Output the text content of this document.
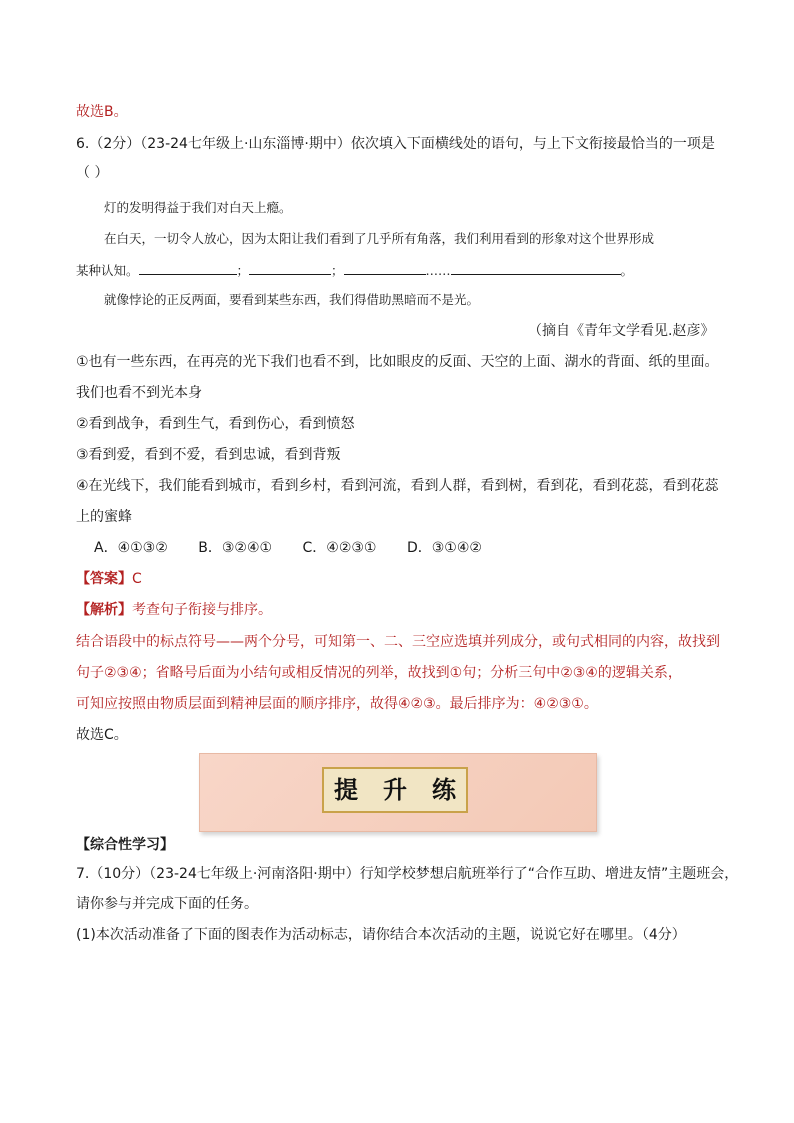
故选B。
6.（2分）（23-24七年级上·山东淄博·期中）依次填入下面横线处的语句，与上下文衔接最恰当的一项是
（ ）
灯的发明得益于我们对白天上瘾。
在白天，一切令人放心，因为太阳让我们看到了几乎所有角落，我们利用看到的形象对这个世界形成
某种认知。	；	；	……	。
就像悖论的正反两面，要看到某些东西，我们得借助黑暗而不是光。
（摘自《青年文学看见.赵彦》
①也有一些东西，在再亮的光下我们也看不到，比如眼皮的反面、天空的上面、湖水的背面、纸的里面。
我们也看不到光本身
②看到战争，看到生气，看到伤心，看到愤怒
③看到爱，看到不爱，看到忠诚，看到背叛
④在光线下，我们能看到城市，看到乡村，看到河流，看到人群，看到树，看到花，看到花蕊，看到花蕊
上的蜜蜂
A．④①③② B．③②④① C．④②③① D．③①④②
【答案】C
【解析】考查句子衔接与排序。
结合语段中的标点符号——两个分号，可知第一、二、三空应选填并列成分，或句式相同的内容，故找到
句子②③④；省略号后面为小结句或相反情况的列举，故找到①句；分析三句中②③④的逻辑关系，
可知应按照由物质层面到精神层面的顺序排序，故得④②③。最后排序为：④②③①。
故选C。
提 升 练
【综合性学习】
7.（10分）（23-24七年级上·河南洛阳·期中）行知学校梦想启航班举行了“合作互助、增进友情”主题班会，
请你参与并完成下面的任务。
(1)本次活动准备了下面的图表作为活动标志，请你结合本次活动的主题，说说它好在哪里。（4分）
